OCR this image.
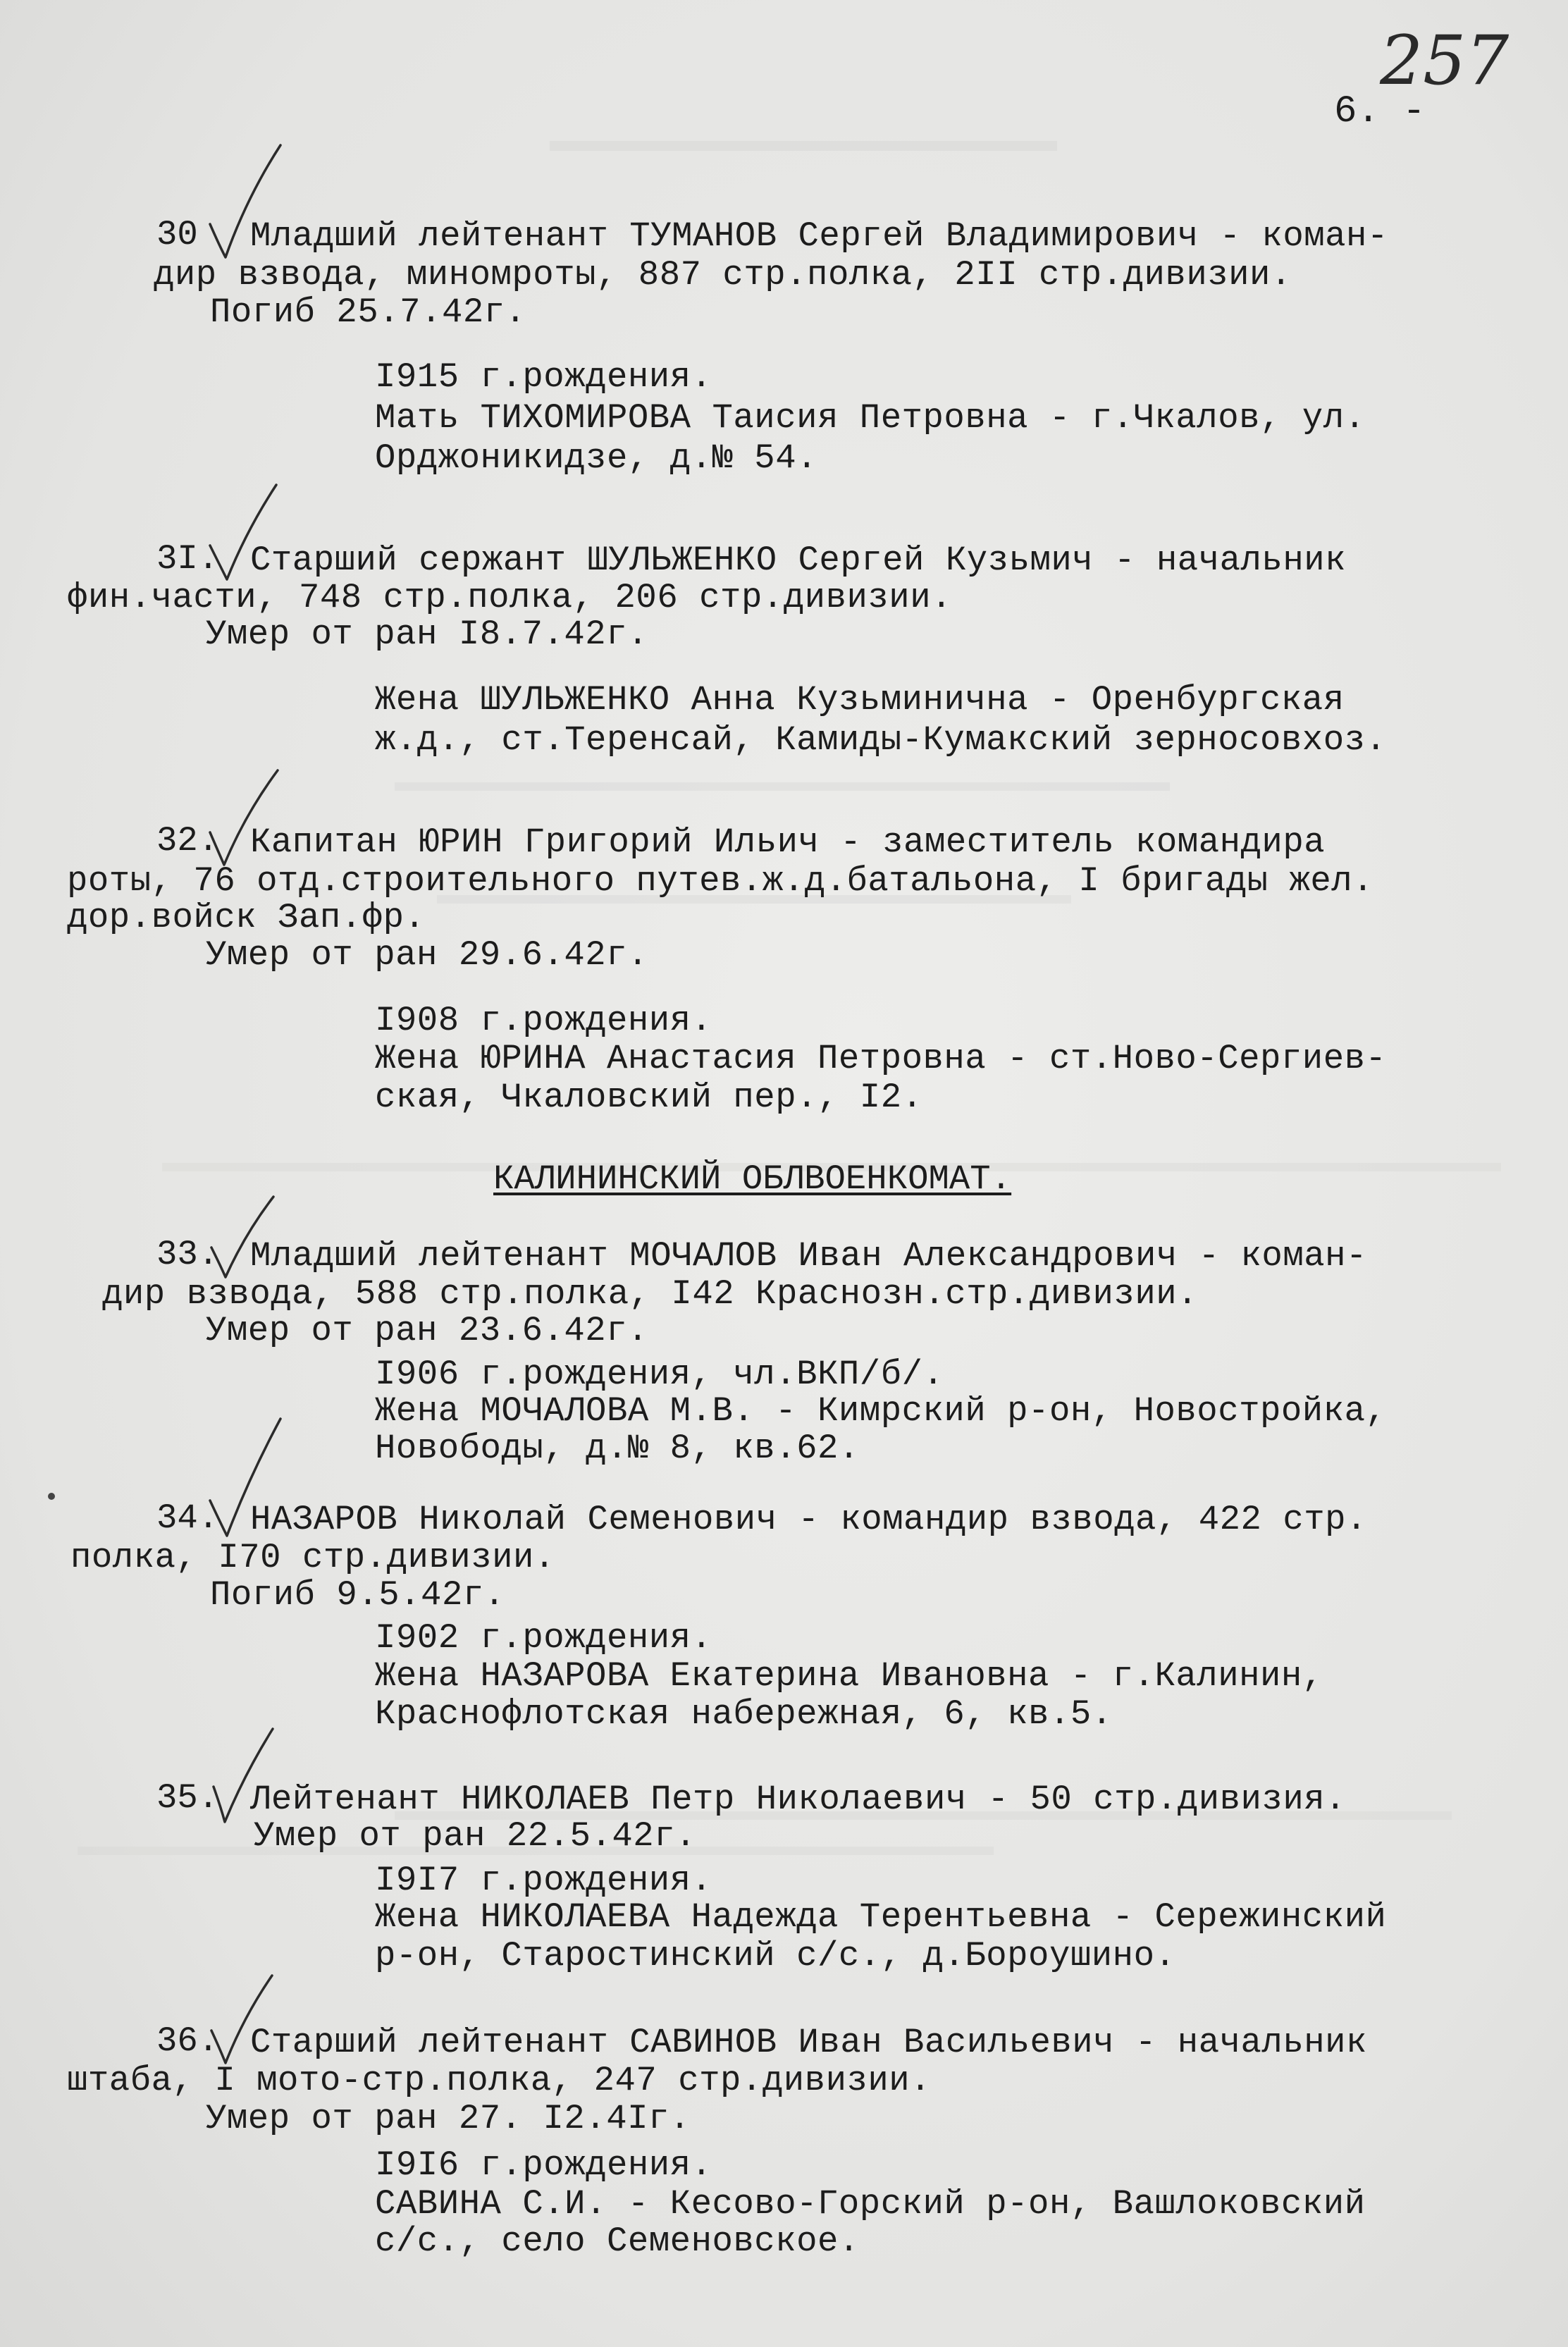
6. -
257
30 Младший лейтенант ТУМАНОВ Сергей Владимирович - коман-
дир взвода, миномроты, 887 стр.полка, 2II стр.дивизии.
Погиб 25.7.42г.
I915 г.рождения.
Мать ТИХОМИРОВА Таисия Петровна - г.Чкалов, ул.
Орджоникидзе, д.№ 54.
3I. Старший сержант ШУЛЬЖЕНКО Сергей Кузьмич - начальник
фин.части, 748 стр.полка, 206 стр.дивизии.
Умер от ран I8.7.42г.
Жена ШУЛЬЖЕНКО Анна Кузьминична - Оренбургская
ж.д., ст.Теренсай, Камиды-Кумакский зерносовхоз.
32. Капитан ЮРИН Григорий Ильич - заместитель командира
роты, 76 отд.строительного путев.ж.д.батальона, I бригады жел.
дор.войск Зап.фр.
Умер от ран 29.6.42г.
I908 г.рождения.
Жена ЮРИНА Анастасия Петровна - ст.Ново-Сергиев-
ская, Чкаловский пер., I2.
КАЛИНИНСКИЙ ОБЛВОЕНКОМАТ.
33. Младший лейтенант МОЧАЛОВ Иван Александрович - коман-
дир взвода, 588 стр.полка, I42 Краснозн.стр.дивизии.
Умер от ран 23.6.42г.
I906 г.рождения, чл.ВКП/б/.
Жена МОЧАЛОВА М.В. - Кимрский р-он, Новостройка,
Новободы, д.№ 8, кв.62.
34. НАЗАРОВ Николай Семенович - командир взвода, 422 стр.
полка, I70 стр.дивизии.
Погиб 9.5.42г.
I902 г.рождения.
Жена НАЗАРОВА Екатерина Ивановна - г.Калинин,
Краснофлотская набережная, 6, кв.5.
35. Лейтенант НИКОЛАЕВ Петр Николаевич - 50 стр.дивизия.
Умер от ран 22.5.42г.
I9I7 г.рождения.
Жена НИКОЛАЕВА Надежда Терентьевна - Сережинский
р-он, Старостинский с/с., д.Бороушино.
36. Старший лейтенант САВИНОВ Иван Васильевич - начальник
штаба, I мото-стр.полка, 247 стр.дивизии.
Умер от ран 27. I2.4Iг.
I9I6 г.рождения.
САВИНА С.И. - Кесово-Горский р-он, Вашлоковский
с/с., село Семеновское.
